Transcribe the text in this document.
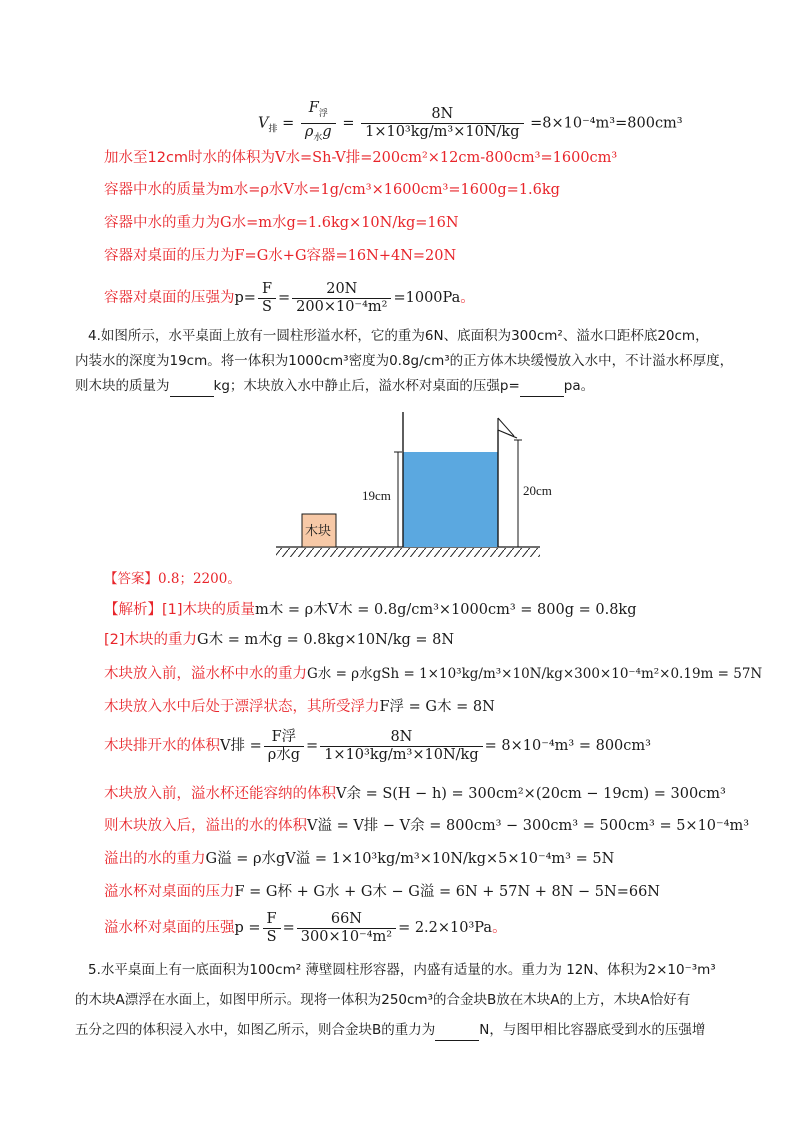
$V_排 = \frac{F_浮}{\rho_水g} = \frac{8N}{\text{1×10³kg/m³×10N/kg}} =8\times 10^{-4}m^3=800cm^3$
加水至12cm时水的体积为V水=Sh-V排=200cm²×12cm-800cm³=1600cm³
容器中水的质量为m水=ρ水V水=1g/cm³×1600cm³=1600g=1.6kg
容器中水的重力为G水=m水g=1.6kg×10N/kg=16N
容器对桌面的压力为F=G水+G容器=16N+4N=20N
容器对桌面的压强为$p= \frac{F}{S} = \frac{20N}{\text{200×10⁻⁴m²}} =1000Pa$。
4.如图所示，水平桌面上放有一圆柱形溢水杯，它的重为6N、底面积为300cm²、溢水口距杯底20cm，
内装水的深度为19cm。将一体积为1000cm³密度为0.8g/cm³的正方体木块缓慢放入水中，不计溢水杯厚度，
则木块的质量为	kg；木块放入水中静止后，溢水杯对桌面的压强p=	pa。
木块
19cm	20cm
【答案】0.8；2200。
【解析】[1]木块的质量m木 = ρ木V木 = 0.8g/cm³×1000cm³ = 800g = 0.8kg
[2]木块的重力G木 = m木g = 0.8kg×10N/kg = 8N
木块放入前，溢水杯中水的重力G水 = ρ水gSh = 1×10³kg/m³×10N/kg×300×10⁻⁴m²×0.19m = 57N
木块放入水中后处于漂浮状态，其所受浮力F浮 = G木 = 8N
木块排开水的体积V排 = $\frac{\text{F浮}}{\text{ρ水g}} = \frac{8N}{\text{1×10³kg/m³×10N/kg}} = 8\times 10^{-4}m^3 = 800cm^3$
木块放入前，溢水杯还能容纳的体积V余 = S(H − h) = 300cm²×(20cm − 19cm) = 300cm³
则木块放入后，溢出的水的体积V溢 = V排 − V余 = 800cm³ − 300cm³ = 500cm³ = 5×10⁻⁴m³
溢出的水的重力G溢 = ρ水gV溢 = 1×10³kg/m³×10N/kg×5×10⁻⁴m³ = 5N
溢水杯对桌面的压力F = G杯 + G水 + G木 − G溢 = 6N + 57N + 8N − 5N=66N
溢水杯对桌面的压强$p = \frac{F}{S} = \frac{66N}{\text{300×10⁻⁴m²}} = 2.2\times 10^3Pa$。
5.水平桌面上有一底面积为100cm² 薄壁圆柱形容器，内盛有适量的水。重力为 12N、体积为2×10⁻³m³
的木块A漂浮在水面上，如图甲所示。现将一体积为250cm³的合金块B放在木块A的上方，木块A恰好有
五分之四的体积浸入水中，如图乙所示，则合金块B的重力为	N，与图甲相比容器底受到水的压强增
